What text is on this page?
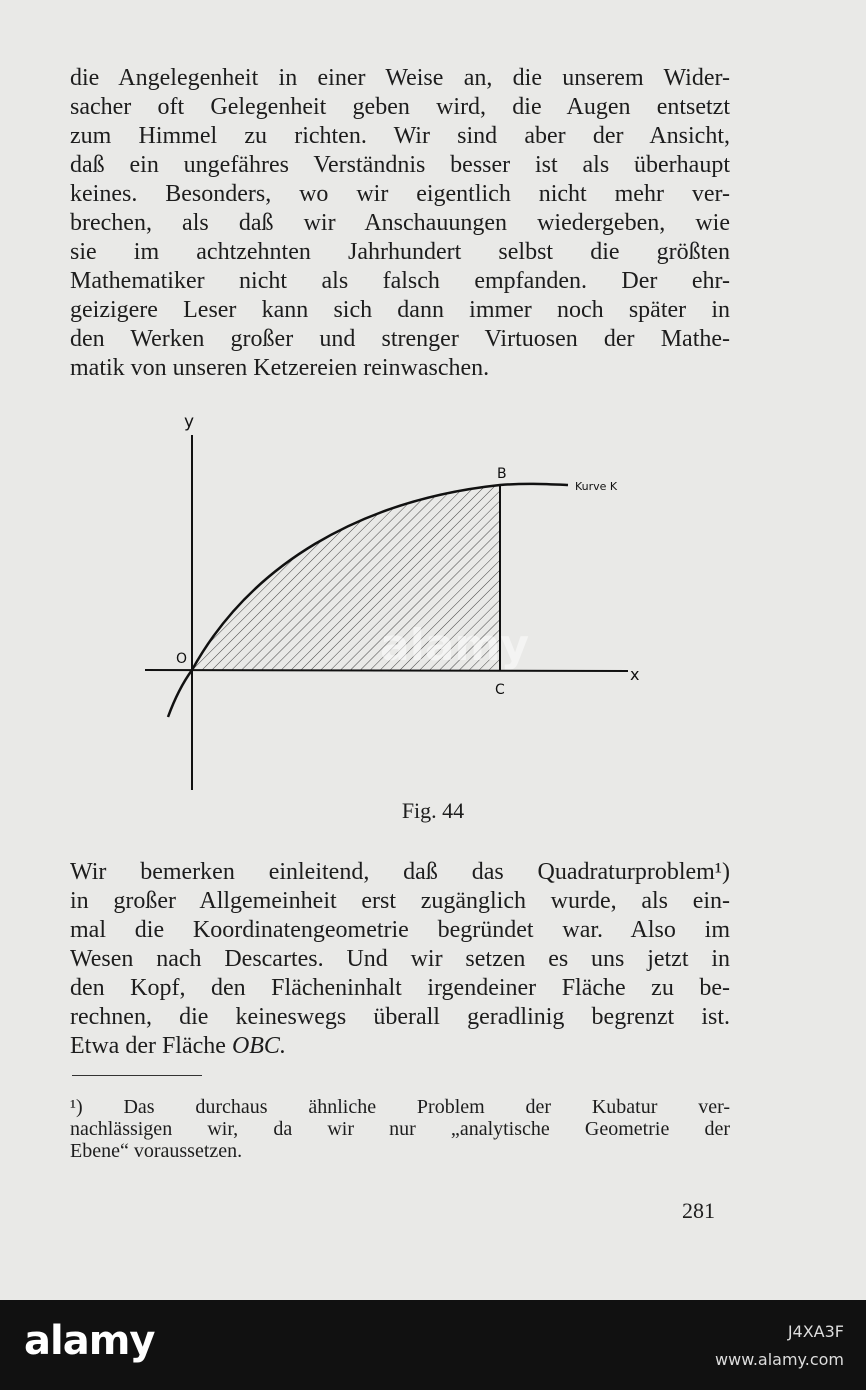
die Angelegenheit in einer Weise an, die unserem Wider-
sacher oft Gelegenheit geben wird, die Augen entsetzt
zum Himmel zu richten. Wir sind aber der Ansicht,
daß ein ungefähres Verständnis besser ist als überhaupt
keines. Besonders, wo wir eigentlich nicht mehr ver-
brechen, als daß wir Anschauungen wiedergeben, wie
sie im achtzehnten Jahrhundert selbst die größten
Mathematiker nicht als falsch empfanden. Der ehr-
geizigere Leser kann sich dann immer noch später in
den Werken großer und strenger Virtuosen der Mathe-
matik von unseren Ketzereien reinwaschen.
y
x
O
B
C
Kurve K
Fig. 44
Wir bemerken einleitend, daß das Quadraturproblem¹)
in großer Allgemeinheit erst zugänglich wurde, als ein-
mal die Koordinatengeometrie begründet war. Also im
Wesen nach Descartes. Und wir setzen es uns jetzt in
den Kopf, den Flächeninhalt irgendeiner Fläche zu be-
rechnen, die keineswegs überall geradlinig begrenzt ist.
Etwa der Fläche OBC.
¹) Das durchaus ähnliche Problem der Kubatur ver-
nachlässigen wir, da wir nur „analytische Geometrie der
Ebene“ voraussetzen.
281
alamy
alamy	J4XA3F
www.alamy.com
